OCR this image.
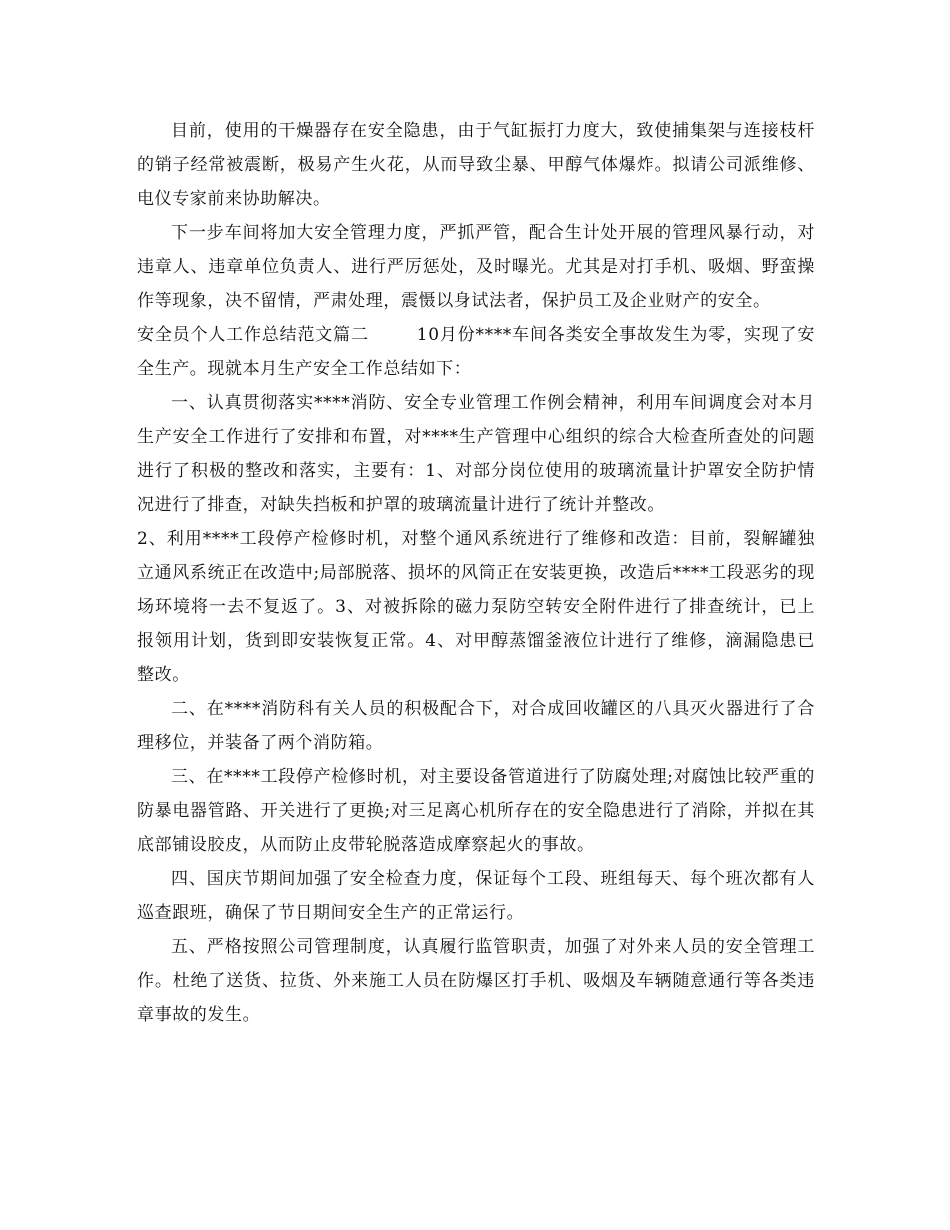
目前，使用的干燥器存在安全隐患，由于气缸振打力度大，致使捕集架与连接枝杆的销子经常被震断，极易产生火花，从而导致尘暴、甲醇气体爆炸。拟请公司派维修、电仪专家前来协助解决。

下一步车间将加大安全管理力度，严抓严管，配合生计处开展的管理风暴行动，对违章人、违章单位负责人、进行严厉惩处，及时曝光。尤其是对打手机、吸烟、野蛮操作等现象，决不留情，严肃处理，震慑以身试法者，保护员工及企业财产的安全。

安全员个人工作总结范文篇二	10月份****车间各类安全事故发生为零，实现了安全生产。现就本月生产安全工作总结如下：

一、认真贯彻落实****消防、安全专业管理工作例会精神，利用车间调度会对本月生产安全工作进行了安排和布置，对****生产管理中心组织的综合大检查所查处的问题进行了积极的整改和落实，主要有：1、对部分岗位使用的玻璃流量计护罩安全防护情况进行了排查，对缺失挡板和护罩的玻璃流量计进行了统计并整改。

2、利用****工段停产检修时机，对整个通风系统进行了维修和改造：目前，裂解罐独立通风系统正在改造中;局部脱落、损坏的风筒正在安装更换，改造后****工段恶劣的现场环境将一去不复返了。3、对被拆除的磁力泵防空转安全附件进行了排查统计，已上报领用计划，货到即安装恢复正常。4、对甲醇蒸馏釜液位计进行了维修，滴漏隐患已整改。

二、在****消防科有关人员的积极配合下，对合成回收罐区的八具灭火器进行了合理移位，并装备了两个消防箱。

三、在****工段停产检修时机，对主要设备管道进行了防腐处理;对腐蚀比较严重的防暴电器管路、开关进行了更换;对三足离心机所存在的安全隐患进行了消除，并拟在其底部铺设胶皮，从而防止皮带轮脱落造成摩察起火的事故。

四、国庆节期间加强了安全检查力度，保证每个工段、班组每天、每个班次都有人巡查跟班，确保了节日期间安全生产的正常运行。

五、严格按照公司管理制度，认真履行监管职责，加强了对外来人员的安全管理工作。杜绝了送货、拉货、外来施工人员在防爆区打手机、吸烟及车辆随意通行等各类违章事故的发生。
